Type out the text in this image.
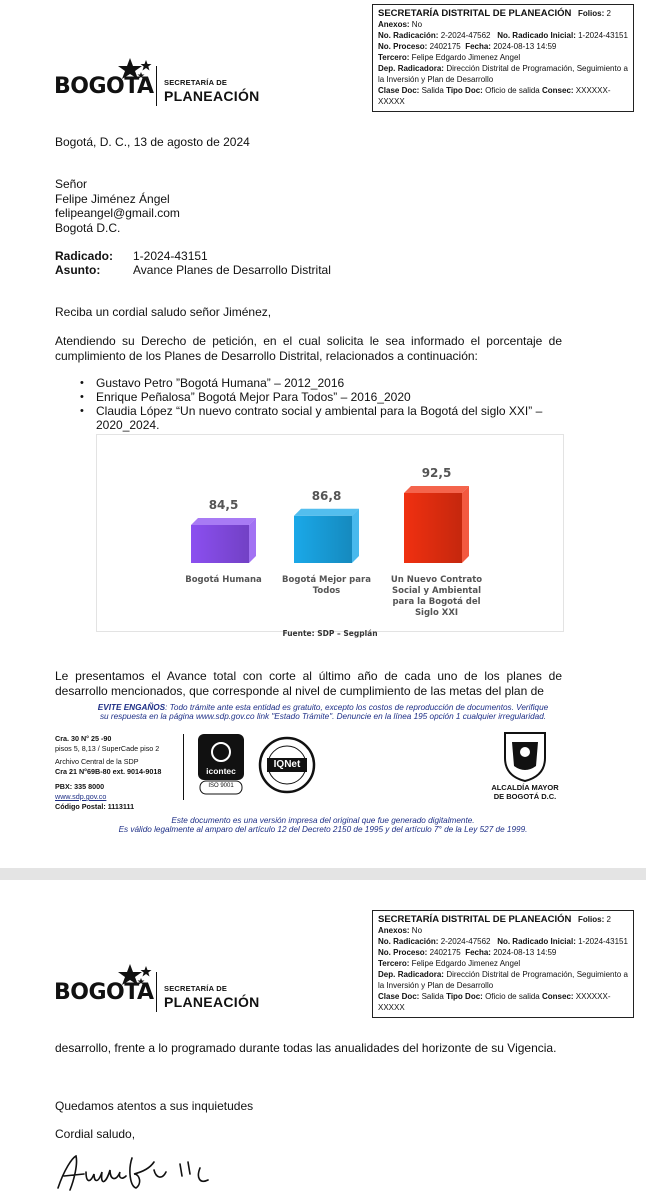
SECRETARÍA DISTRITAL DE PLANEACIÓN Folios: 2
Anexos: No
No. Radicación: 2-2024-47562 No. Radicado Inicial: 1-2024-43151
No. Proceso: 2402175 Fecha: 2024-08-13 14:59
Tercero: Felipe Edgardo Jimenez Angel
Dep. Radicadora: Dirección Distrital de Programación, Seguimiento a la Inversión y Plan de Desarrollo
Clase Doc: Salida Tipo Doc: Oficio de salida Consec: XXXXXX-XXXXX
BOGOTA SECRETARÍA DE
PLANEACIÓN
Bogotá, D. C., 13 de agosto de 2024
Señor
Felipe Jiménez Ángel
felipeangel@gmail.com
Bogotá D.C.
Radicado: 1-2024-43151
Asunto:	Avance Planes de Desarrollo Distrital
Reciba un cordial saludo señor Jiménez,
Atendiendo su Derecho de petición, en el cual solicita le sea informado el porcentaje de cumplimiento de los Planes de Desarrollo Distrital, relacionados a continuación:
• Gustavo Petro ”Bogotá Humana” – 2012_2016
• Enrique Peñalosa” Bogotá Mejor Para Todos” – 2016_2020
• Claudia López “Un nuevo contrato social y ambiental para la Bogotá del siglo XXI” – 2020_2024.
84,5
Bogotá Humana
86,8
Bogotá Mejor para
Todos
92,5
Un Nuevo Contrato
Social y Ambiental
para la Bogotá del
Siglo XXI
Fuente: SDP – Segplán
Le presentamos el Avance total con corte al último año de cada uno de los planes de desarrollo mencionados, que corresponde al nivel de cumplimiento de las metas del plan de
EVITE ENGAÑOS: Todo trámite ante esta entidad es gratuito, excepto los costos de reproducción de documentos. Verifique
su respuesta en la página www.sdp.gov.co link "Estado Trámite". Denuncie en la línea 195 opción 1 cualquier irregularidad.
Cra. 30 N° 25 -90
pisos 5, 8,13 / SuperCade piso 2
Archivo Central de la SDP
Cra 21 N°69B-80 ext. 9014-9018
PBX: 335 8000
www.sdp.gov.co
Código Postal: 1113111
icontec
ISO 9001
IQNet
ALCALDÍA MAYOR
DE BOGOTÁ D.C.
Este documento es una versión impresa del original que fue generado digitalmente.
Es válido legalmente al amparo del artículo 12 del Decreto 2150 de 1995 y del artículo 7° de la Ley 527 de 1999.
SECRETARÍA DISTRITAL DE PLANEACIÓN Folios: 2
Anexos: No
No. Radicación: 2-2024-47562 No. Radicado Inicial: 1-2024-43151
No. Proceso: 2402175 Fecha: 2024-08-13 14:59
Tercero: Felipe Edgardo Jimenez Angel
Dep. Radicadora: Dirección Distrital de Programación, Seguimiento a la Inversión y Plan de Desarrollo
Clase Doc: Salida Tipo Doc: Oficio de salida Consec: XXXXXX-XXXXX
BOGOTA SECRETARÍA DE
PLANEACIÓN
desarrollo, frente a lo programado durante todas las anualidades del horizonte de su Vigencia.
Quedamos atentos a sus inquietudes
Cordial saludo,
